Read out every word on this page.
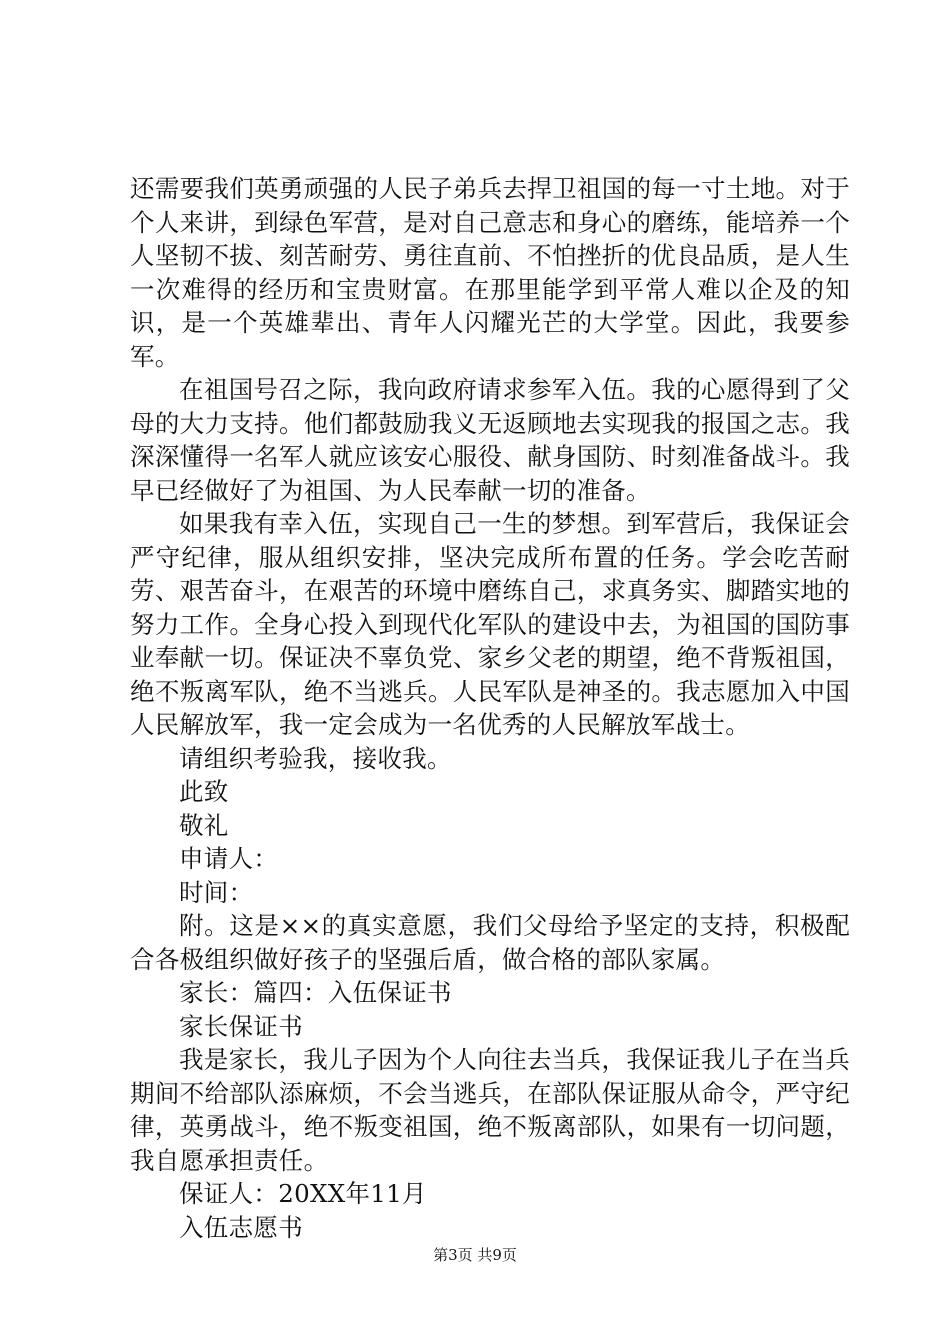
还需要我们英勇顽强的人民子弟兵去捍卫祖国的每一寸土地。对于个人来讲，到绿色军营，是对自己意志和身心的磨练，能培养一个人坚韧不拔、刻苦耐劳、勇往直前、不怕挫折的优良品质，是人生一次难得的经历和宝贵财富。在那里能学到平常人难以企及的知识，是一个英雄辈出、青年人闪耀光芒的大学堂。因此，我要参军。

在祖国号召之际，我向政府请求参军入伍。我的心愿得到了父母的大力支持。他们都鼓励我义无返顾地去实现我的报国之志。我深深懂得一名军人就应该安心服役、献身国防、时刻准备战斗。我早已经做好了为祖国、为人民奉献一切的准备。

如果我有幸入伍，实现自己一生的梦想。到军营后，我保证会严守纪律，服从组织安排，坚决完成所布置的任务。学会吃苦耐劳、艰苦奋斗，在艰苦的环境中磨练自己，求真务实、脚踏实地的努力工作。全身心投入到现代化军队的建设中去，为祖国的国防事业奉献一切。保证决不辜负党、家乡父老的期望，绝不背叛祖国，绝不叛离军队，绝不当逃兵。人民军队是神圣的。我志愿加入中国人民解放军，我一定会成为一名优秀的人民解放军战士。

请组织考验我，接收我。

此致

敬礼

申请人：

时间：

附。这是××的真实意愿，我们父母给予坚定的支持，积极配合各极组织做好孩子的坚强后盾，做合格的部队家属。

家长：篇四：入伍保证书

家长保证书

我是家长，我儿子因为个人向往去当兵，我保证我儿子在当兵期间不给部队添麻烦，不会当逃兵，在部队保证服从命令，严守纪律，英勇战斗，绝不叛变祖国，绝不叛离部队，如果有一切问题，我自愿承担责任。

保证人：20XX年11月

入伍志愿书

第3页 共9页
